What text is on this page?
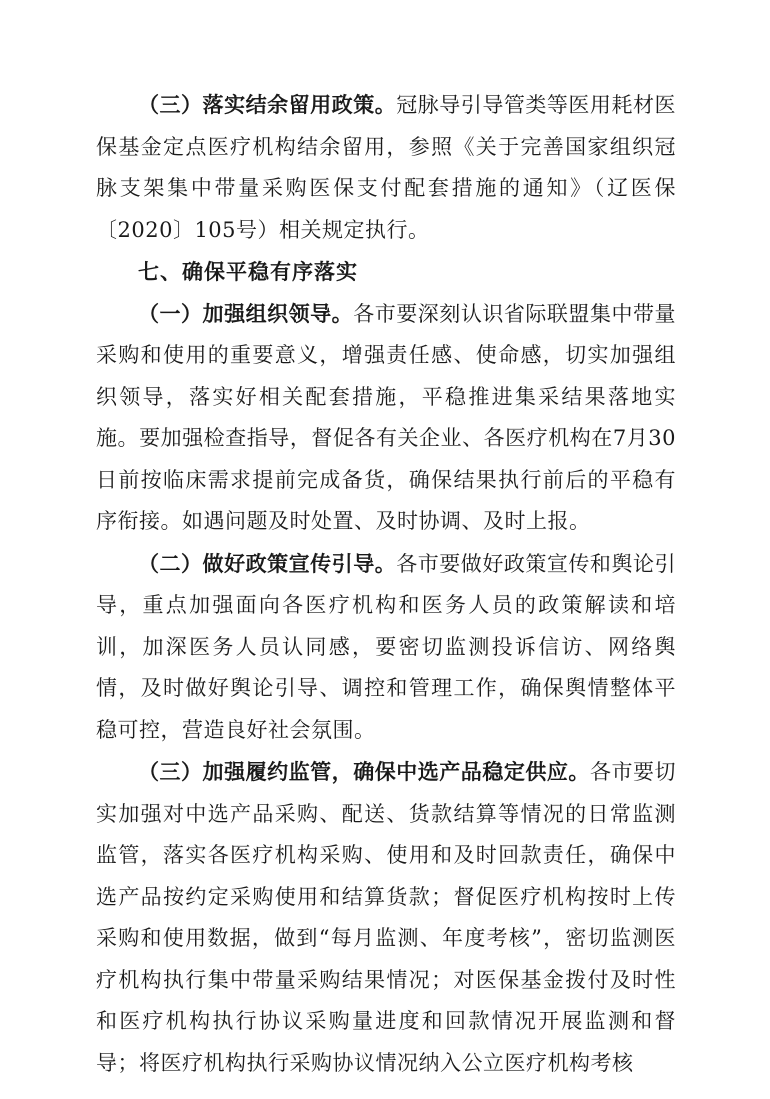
（三）落实结余留用政策。冠脉导引导管类等医用耗材医保基金定点医疗机构结余留用，参照《关于完善国家组织冠脉支架集中带量采购医保支付配套措施的通知》（辽医保〔2020〕105号）相关规定执行。

七、确保平稳有序落实

（一）加强组织领导。各市要深刻认识省际联盟集中带量采购和使用的重要意义，增强责任感、使命感，切实加强组织领导，落实好相关配套措施，平稳推进集采结果落地实施。要加强检查指导，督促各有关企业、各医疗机构在7月30日前按临床需求提前完成备货，确保结果执行前后的平稳有序衔接。如遇问题及时处置、及时协调、及时上报。

（二）做好政策宣传引导。各市要做好政策宣传和舆论引导，重点加强面向各医疗机构和医务人员的政策解读和培训，加深医务人员认同感，要密切监测投诉信访、网络舆情，及时做好舆论引导、调控和管理工作，确保舆情整体平稳可控，营造良好社会氛围。

（三）加强履约监管，确保中选产品稳定供应。各市要切实加强对中选产品采购、配送、货款结算等情况的日常监测监管，落实各医疗机构采购、使用和及时回款责任，确保中选产品按约定采购使用和结算货款；督促医疗机构按时上传采购和使用数据，做到“每月监测、年度考核”，密切监测医疗机构执行集中带量采购结果情况；对医保基金拨付及时性和医疗机构执行协议采购量进度和回款情况开展监测和督导；将医疗机构执行采购协议情况纳入公立医疗机构考核
